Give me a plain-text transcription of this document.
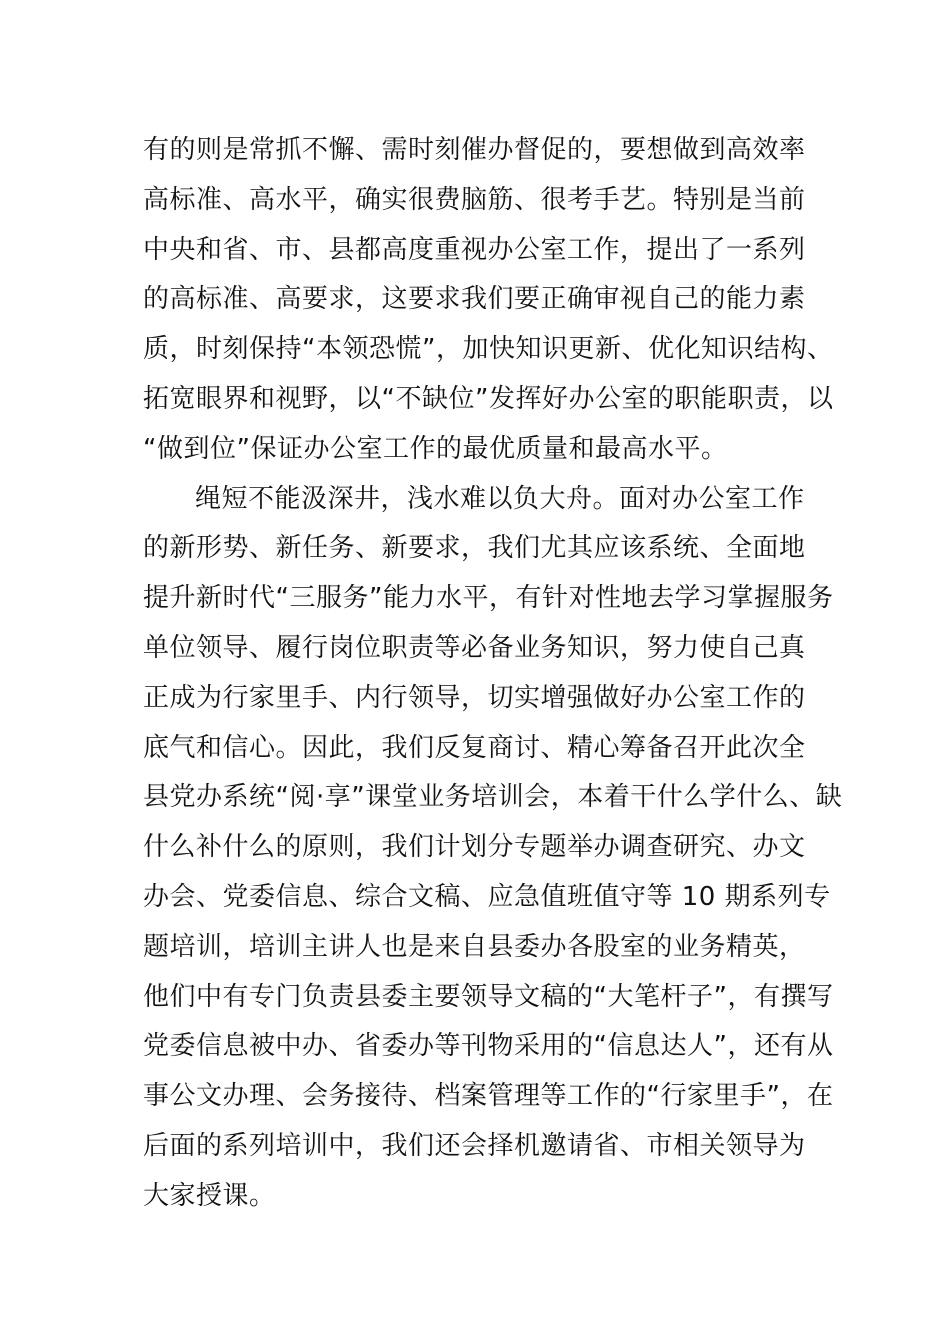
有的则是常抓不懈、需时刻催办督促的，要想做到高效率
高标准、高水平，确实很费脑筋、很考手艺。特别是当前
中央和省、市、县都高度重视办公室工作，提出了一系列
的高标准、高要求，这要求我们要正确审视自己的能力素
质，时刻保持“本领恐慌”，加快知识更新、优化知识结构、
拓宽眼界和视野，以“不缺位”发挥好办公室的职能职责，以
“做到位”保证办公室工作的最优质量和最高水平。
绳短不能汲深井，浅水难以负大舟。面对办公室工作
的新形势、新任务、新要求，我们尤其应该系统、全面地
提升新时代“三服务”能力水平，有针对性地去学习掌握服务
单位领导、履行岗位职责等必备业务知识，努力使自己真
正成为行家里手、内行领导，切实增强做好办公室工作的
底气和信心。因此，我们反复商讨、精心筹备召开此次全
县党办系统“阅·享”课堂业务培训会，本着干什么学什么、缺
什么补什么的原则，我们计划分专题举办调查研究、办文
办会、党委信息、综合文稿、应急值班值守等 10 期系列专
题培训，培训主讲人也是来自县委办各股室的业务精英，
他们中有专门负责县委主要领导文稿的“大笔杆子”，有撰写
党委信息被中办、省委办等刊物采用的“信息达人”，还有从
事公文办理、会务接待、档案管理等工作的“行家里手”，在
后面的系列培训中，我们还会择机邀请省、市相关领导为
大家授课。
